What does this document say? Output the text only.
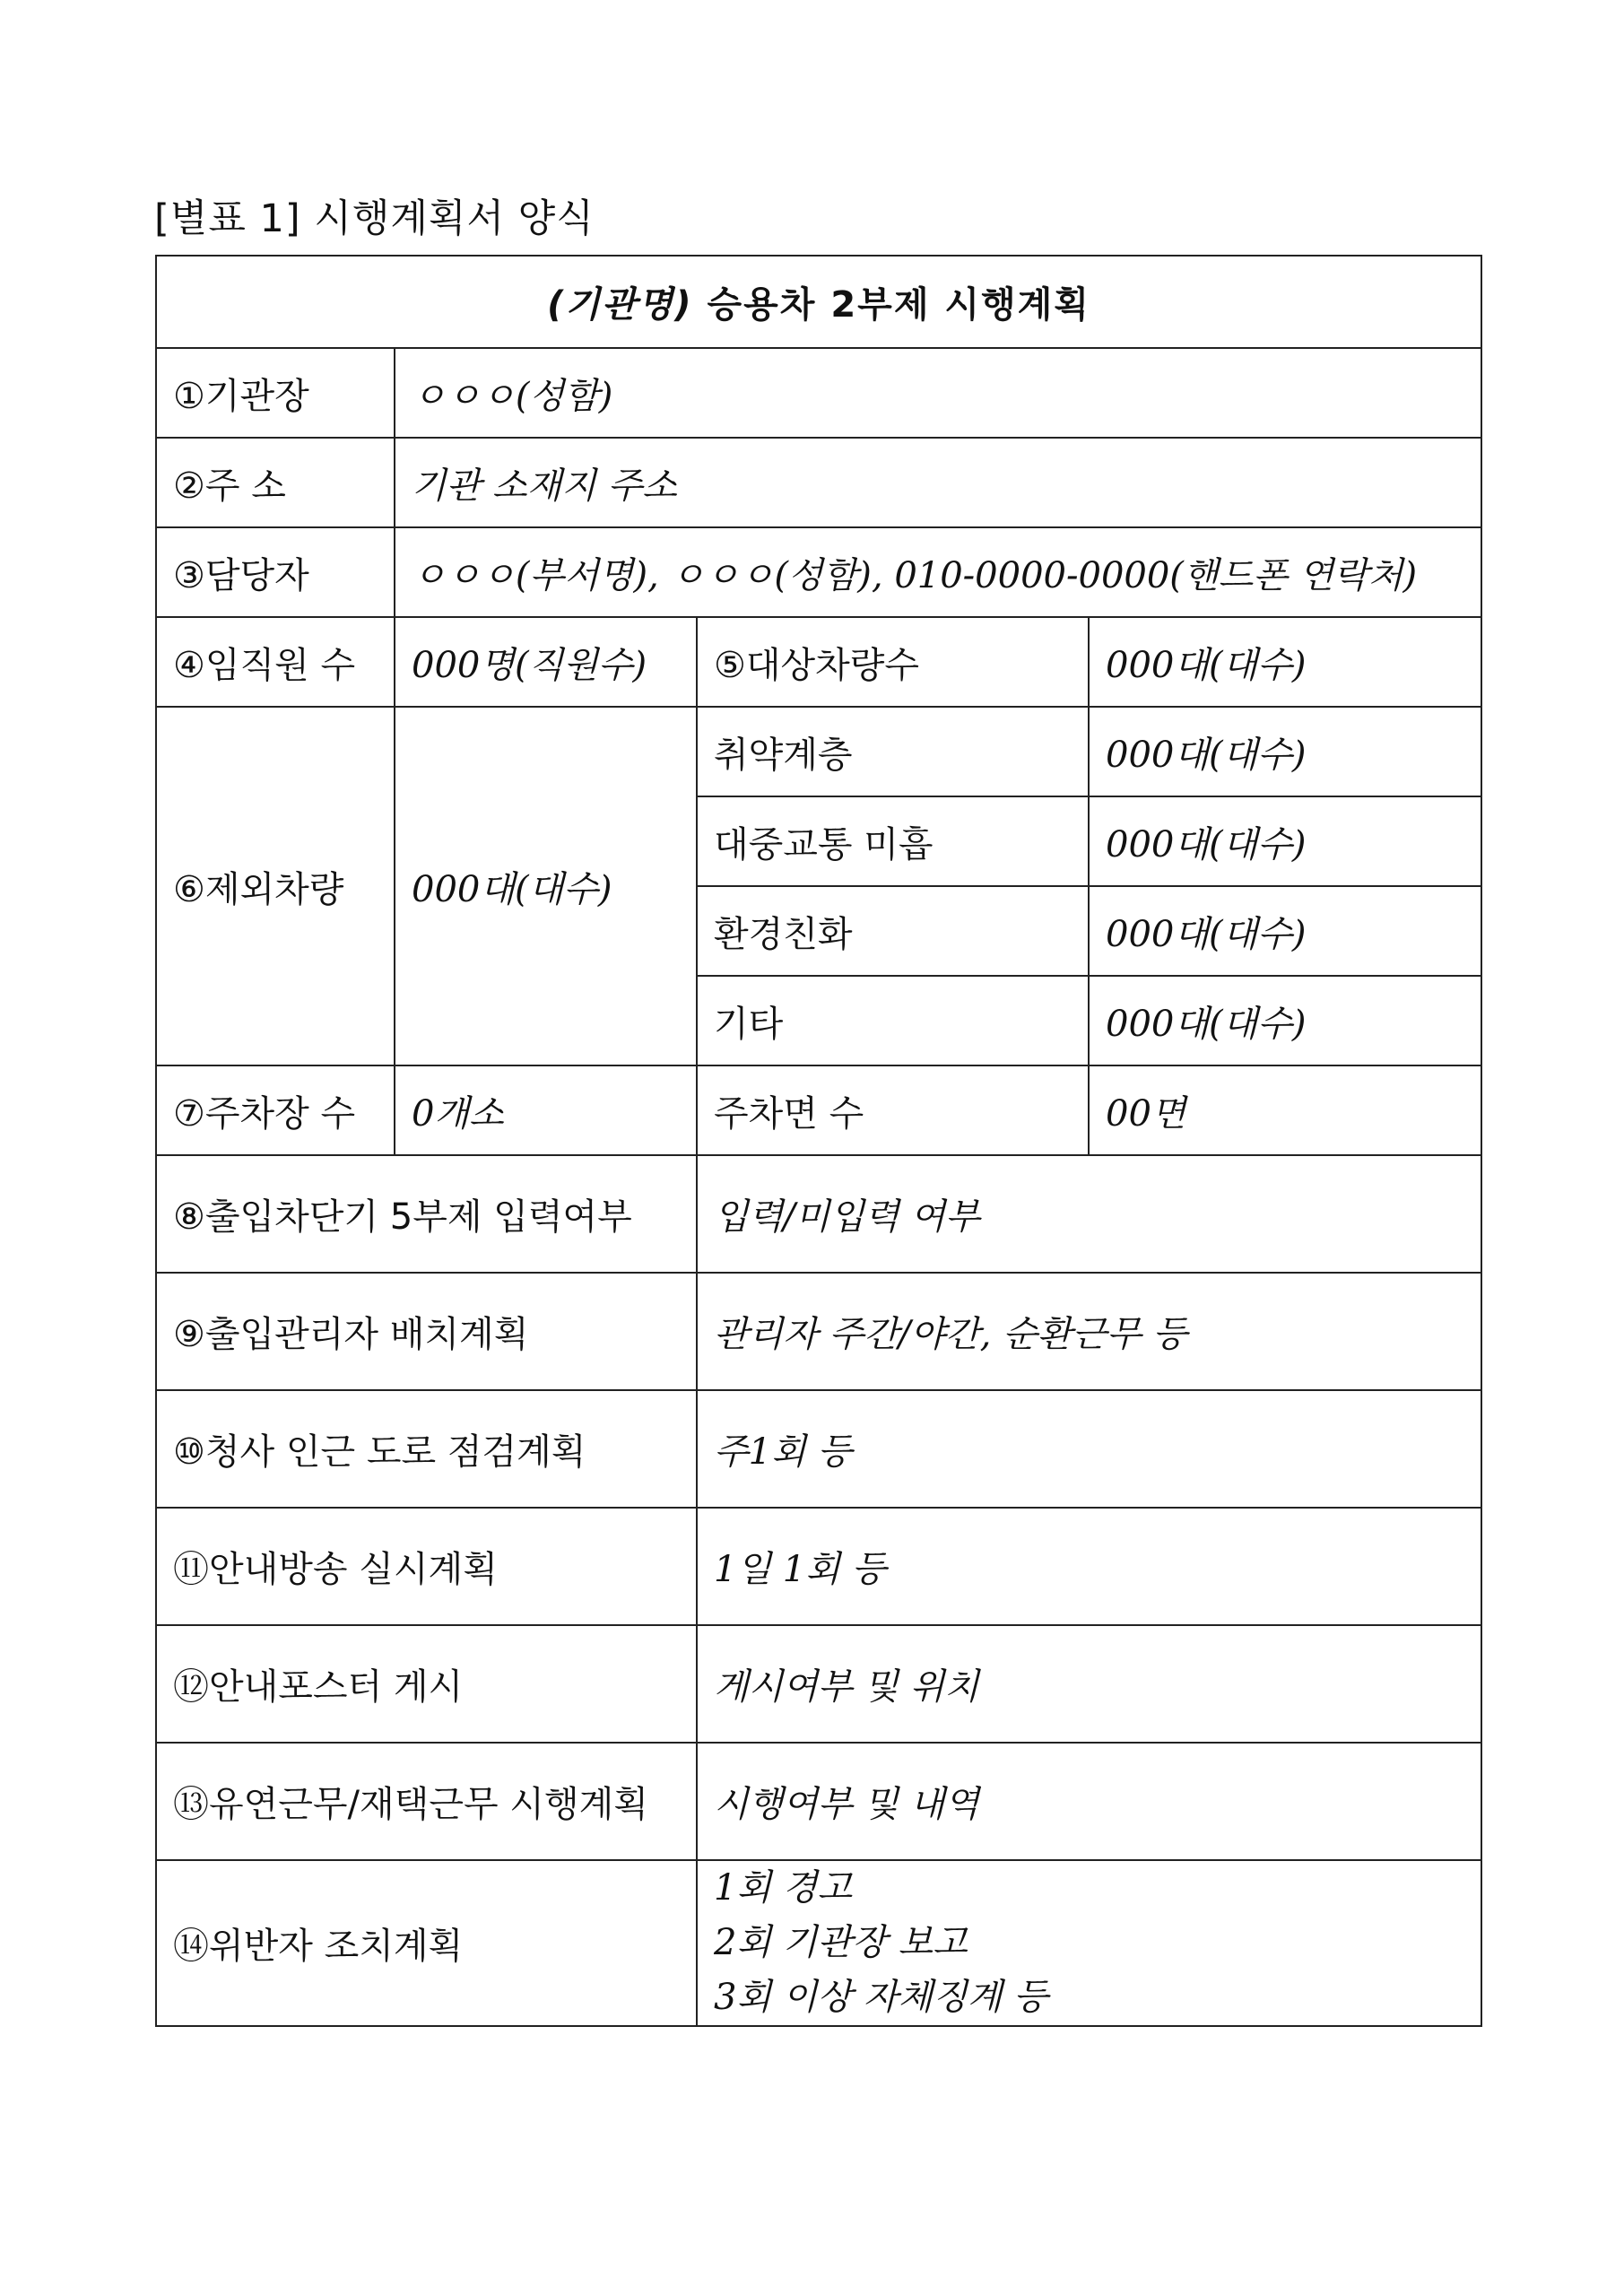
[별표 1] 시행계획서 양식
(기관명) 승용차 2부제 시행계획			
①기관장	ㅇㅇㅇ(성함)		
②주 소	기관 소재지 주소		
③담당자	ㅇㅇㅇ(부서명), ㅇㅇㅇ(성함), 010-0000-0000(핸드폰 연락처)		
④임직원 수	000명(직원수)	⑤대상차량수	000대(대수)
⑥제외차량	000대(대수)	취약계층	000대(대수)
		대중교통 미흡	000대(대수)
		환경친화	000대(대수)
		기타	000대(대수)
⑦주차장 수	0개소	주차면 수	00면
⑧출입차단기 5부제 입력여부		입력/미입력 여부	
⑨출입관리자 배치계획		관리자 주간/야간, 순환근무 등	
⑩청사 인근 도로 점검계획		주1회 등	
⑪안내방송 실시계획		1일 1회 등	
⑫안내포스터 게시		게시여부 및 위치	
⑬유연근무/재택근무 시행계획		시행여부 및 내역	
⑭위반자 조치계획		1회 경고
2회 기관장 보고
3회 이상 자체징계 등	
